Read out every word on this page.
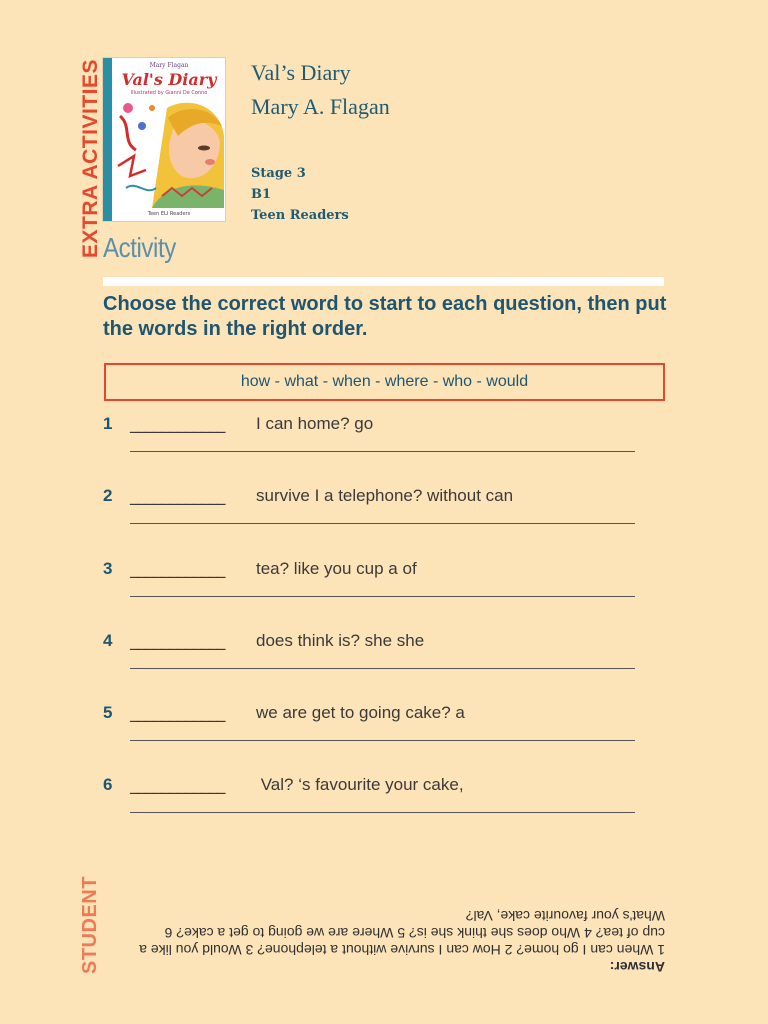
EXTRA ACTIVITIES	Mary Flagan
Val's Diary
Illustrated by Gianni De Conno
Teen ELI Readers
Val’s Diary
Mary A. Flagan
Stage 3
B1
Teen Readers
Activity
Choose the correct word to start to each question, then put the words in the right order.
how - what - when - where - who - would
1 ____________ I can home? go
2 ____________ survive I a telephone? without can
3 ____________ tea? like you cup a of
4 ____________ does think is? she she
5 ____________ we are get to going cake? a
6 ____________ Val? ‘s favourite your cake,
STUDENT	Answer:
1 When can I go home? 2 How can I survive without a telephone? 3 Would you like a cup of tea? 4 Who does she think she is? 5 Where are we going to get a cake? 6 What's your favourite cake, Val?
